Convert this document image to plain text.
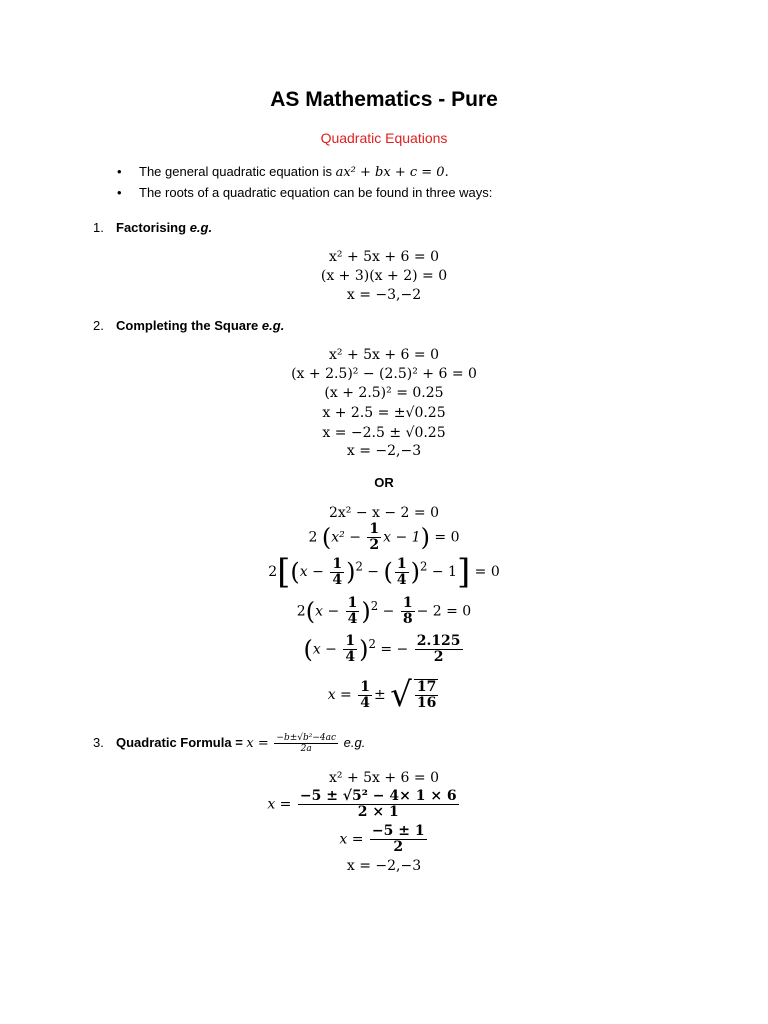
AS Mathematics - Pure
Quadratic Equations
• The general quadratic equation is ax² + bx + c = 0.
• The roots of a quadratic equation can be found in three ways:
1. Factorising e.g.
x² + 5x + 6 = 0
(x + 3)(x + 2) = 0
x = −3,−2
2. Completing the Square e.g.
x² + 5x + 6 = 0
(x + 2.5)² − (2.5)² + 6 = 0
(x + 2.5)² = 0.25
x + 2.5 = ±√0.25
x = −2.5 ± √0.25
x = −2,−3
OR
2x² − x − 2 = 0
2 ($x^2 - \frac{1}{2}$ x − 1) = 0
$2[(x - \frac{1}{4} )^2$ − ( $\frac{1}{4} )^2 - 1] = 0$
$2(x - \frac{1}{4} )^2 - \frac{1}{8} - 2 = 0$
$(x - \frac{1}{4} )^2$ = − $\frac{2.125}{2}$
$x = \frac{1}{4}$ ± √ $\frac{17}{16}$
3. Quadratic Formula = $x = \frac{\text{−b±√b²−4ac}}{2a} e.g$.
x² + 5x + 6 = 0
$x = \frac{\text{−5 ± √5² − 4× 1 × 6}}{2 \times 1}$
$x = \frac{-5 \pm 1}{2}$
x = −2,−3
